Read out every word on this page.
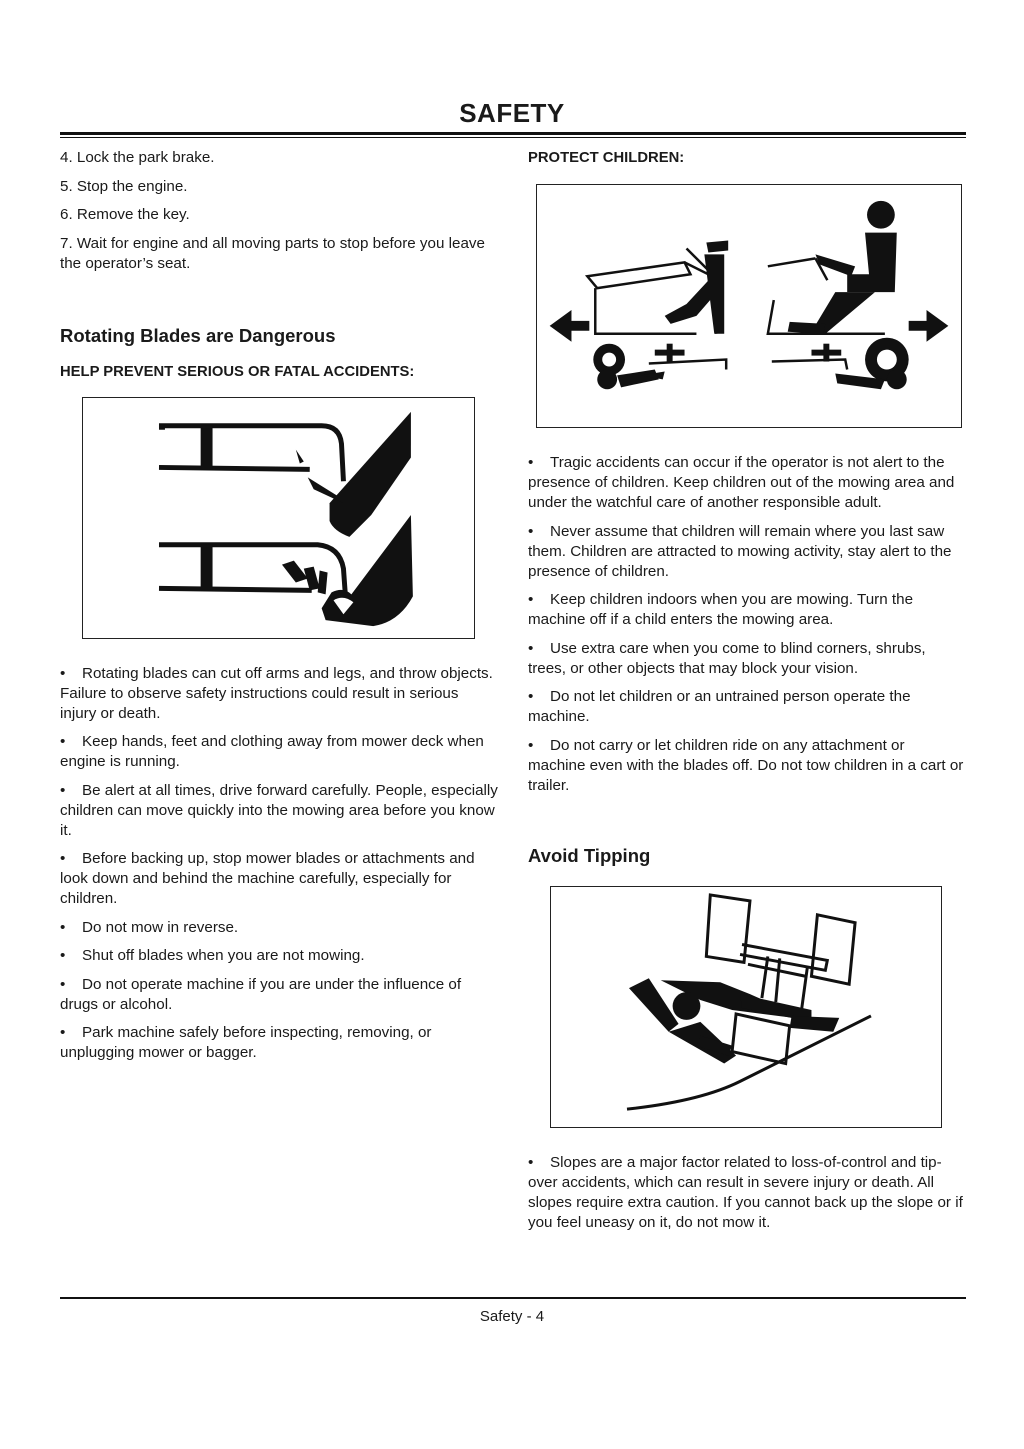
SAFETY

4. Lock the park brake.

5. Stop the engine.

6. Remove the key.

7. Wait for engine and all moving parts to stop before you leave the operator’s seat.

Rotating Blades are Dangerous
HELP PREVENT SERIOUS OR FATAL ACCIDENTS:

• Rotating blades can cut off arms and legs, and throw objects. Failure to observe safety instructions could result in serious injury or death.

• Keep hands, feet and clothing away from mower deck when engine is running.

• Be alert at all times, drive forward carefully. People, especially children can move quickly into the mowing area before you know it.

• Before backing up, stop mower blades or attachments and look down and behind the machine carefully, especially for children.

• Do not mow in reverse.

• Shut off blades when you are not mowing.

• Do not operate machine if you are under the influence of drugs or alcohol.

• Park machine safely before inspecting, removing, or unplugging mower or bagger.

PROTECT CHILDREN:

• Tragic accidents can occur if the operator is not alert to the presence of children. Keep children out of the mowing area and under the watchful care of another responsible adult.

• Never assume that children will remain where you last saw them. Children are attracted to mowing activity, stay alert to the presence of children.

• Keep children indoors when you are mowing. Turn the machine off if a child enters the mowing area.

• Use extra care when you come to blind corners, shrubs, trees, or other objects that may block your vision.

• Do not let children or an untrained person operate the machine.

• Do not carry or let children ride on any attachment or machine even with the blades off. Do not tow children in a cart or trailer.

Avoid Tipping

• Slopes are a major factor related to loss-of-control and tip-over accidents, which can result in severe injury or death. All slopes require extra caution. If you cannot back up the slope or if you feel uneasy on it, do not mow it.

Safety - 4
